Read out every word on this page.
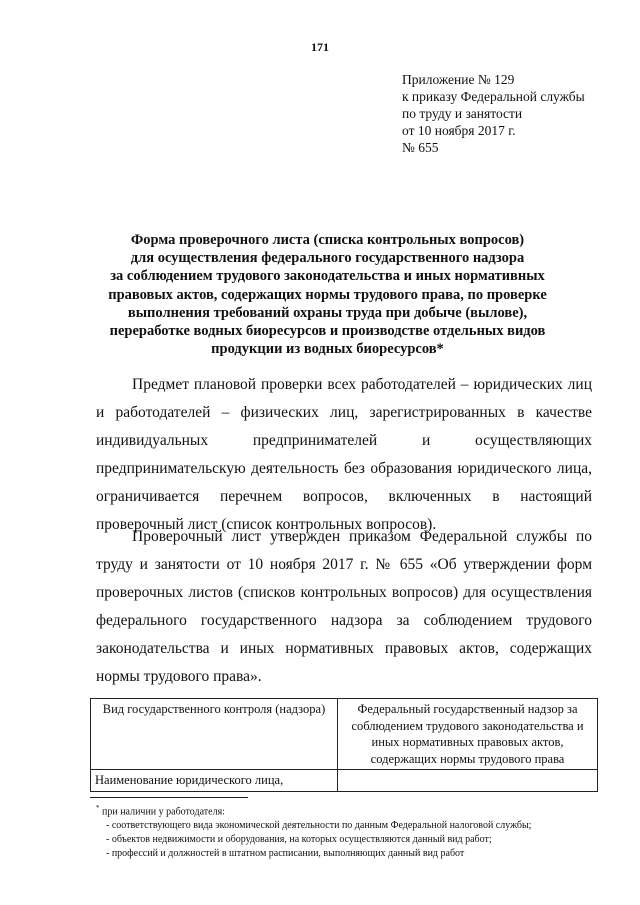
171
Приложение № 129
к приказу Федеральной службы
по труду и занятости
от 10 ноября 2017 г.
№ 655
Форма проверочного листа (списка контрольных вопросов)
для осуществления федерального государственного надзора
за соблюдением трудового законодательства и иных нормативных
правовых актов, содержащих нормы трудового права, по проверке
выполнения требований охраны труда при добыче (вылове),
переработке водных биоресурсов и производстве отдельных видов
продукции из водных биоресурсов*

Предмет плановой проверки всех работодателей – юридических лиц и работодателей – физических лиц, зарегистрированных в качестве индивидуальных предпринимателей и осуществляющих предпринимательскую деятельность без образования юридического лица, ограничивается перечнем вопросов, включенных в настоящий проверочный лист (список контрольных вопросов).

Проверочный лист утвержден приказом Федеральной службы по труду и занятости от 10 ноября 2017 г. № 655 «Об утверждении форм проверочных листов (списков контрольных вопросов) для осуществления федерального государственного надзора за соблюдением трудового законодательства и иных нормативных правовых актов, содержащих нормы трудового права».

Вид государственного контроля (надзора)	Федеральный государственный надзор за соблюдением трудового законодательства и иных нормативных правовых актов, содержащих нормы трудового права
Наименование юридического лица,	
* при наличии у работодателя:
- соответствующего вида экономической деятельности по данным Федеральной налоговой службы;
- объектов недвижимости и оборудования, на которых осуществляются данный вид работ;
- профессий и должностей в штатном расписании, выполняющих данный вид работ
